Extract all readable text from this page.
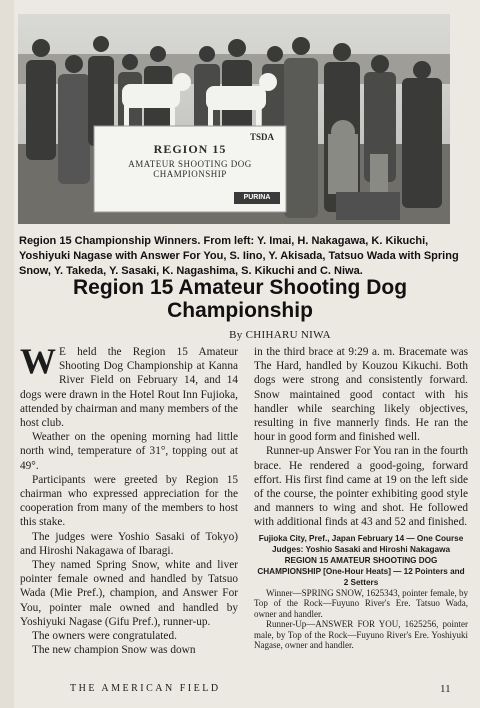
TSDA
REGION 15
AMATEUR SHOOTING DOG
CHAMPIONSHIP
PURINA
Region 15 Championship Winners. From left: Y. Imai, H. Nakagawa, K. Kikuchi, Yoshiyuki Nagase with Answer For You, S. Iino, Y. Akisada, Tatsuo Wada with Spring Snow, Y. Takeda, Y. Sasaki, K. Nagashima, S. Kikuchi and C. Niwa.
Region 15 Amateur Shooting Dog Championship
By CHIHARU NIWA

W E held the Region 15 Amateur Shooting Dog Championship at Kanna River Field on February 14, and 14 dogs were drawn in the Hotel Rout Inn Fujioka, attended by chairman and many members of the host club.

Weather on the opening morning had little north wind, temperature of 31°, topping out at 49°.

Participants were greeted by Region 15 chairman who expressed appreciation for the cooperation from many of the members to host this stake.

The judges were Yoshio Sasaki of Tokyo) and Hiroshi Nakagawa of Ibaragi.

They named Spring Snow, white and liver pointer female owned and handled by Tatsuo Wada (Mie Pref.), champion, and Answer For You, pointer male owned and handled by Yoshiyuki Nagase (Gifu Pref.), runner-up.

The owners were congratulated.

The new champion Snow was down

in the third brace at 9:29 a. m. Bracemate was The Hard, handled by Kouzou Kikuchi. Both dogs were strong and consistently forward. Snow maintained good contact with his handler while searching likely objectives, resulting in five mannerly finds. He ran the hour in good form and finished well.

Runner-up Answer For You ran in the fourth brace. He rendered a good-going, forward effort. His first find came at 19 on the left side of the course, the pointer exhibiting good style and manners to wing and shot. He followed with additional finds at 43 and 52 and finished.

Fujioka City, Pref., Japan February 14 — One Course
Judges: Yoshio Sasaki and Hiroshi Nakagawa
REGION 15 AMATEUR SHOOTING DOG CHAMPIONSHIP [One-Hour Heats] — 12 Pointers and 2 Setters

Winner—SPRING SNOW, 1625343, pointer female, by Top of the Rock—Fuyuno River's Ere. Tatsuo Wada, owner and handler.

Runner-Up—ANSWER FOR YOU, 1625256, pointer male, by Top of the Rock—Fuyuno River's Ere. Yoshiyuki Nagase, owner and handler.

THE AMERICAN FIELD	11
